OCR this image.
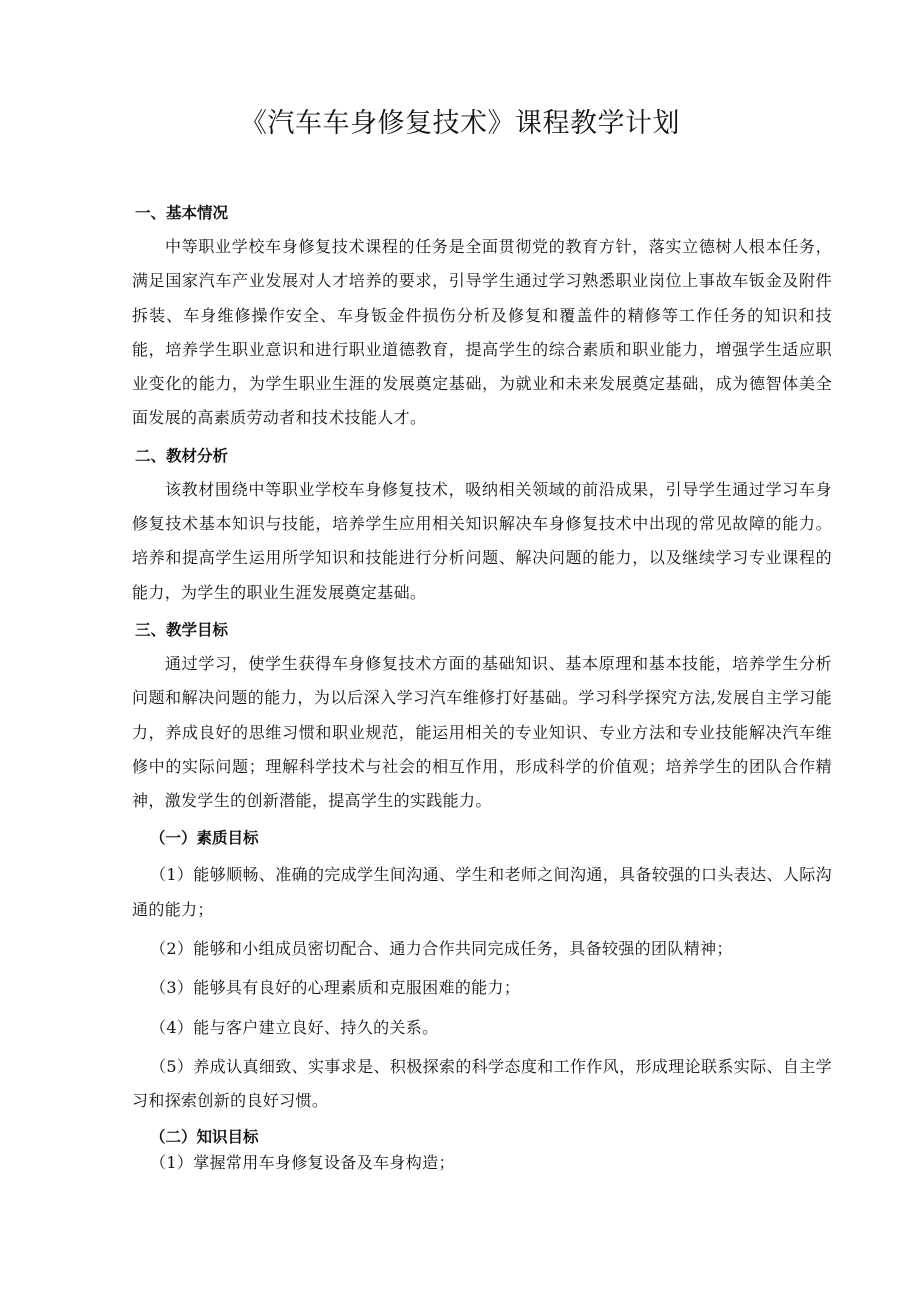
《汽车车身修复技术》课程教学计划

一、基本情况

中等职业学校车身修复技术课程的任务是全面贯彻党的教育方针，落实立德树人根本任务，满足国家汽车产业发展对人才培养的要求，引导学生通过学习熟悉职业岗位上事故车钣金及附件拆装、车身维修操作安全、车身钣金件损伤分析及修复和覆盖件的精修等工作任务的知识和技能，培养学生职业意识和进行职业道德教育，提高学生的综合素质和职业能力，增强学生适应职业变化的能力，为学生职业生涯的发展奠定基础，为就业和未来发展奠定基础，成为德智体美全面发展的高素质劳动者和技术技能人才。

二、教材分析

该教材围绕中等职业学校车身修复技术，吸纳相关领域的前沿成果，引导学生通过学习车身修复技术基本知识与技能，培养学生应用相关知识解决车身修复技术中出现的常见故障的能力。培养和提高学生运用所学知识和技能进行分析问题、解决问题的能力，以及继续学习专业课程的能力，为学生的职业生涯发展奠定基础。

三、教学目标

通过学习，使学生获得车身修复技术方面的基础知识、基本原理和基本技能，培养学生分析问题和解决问题的能力，为以后深入学习汽车维修打好基础。学习科学探究方法,发展自主学习能力，养成良好的思维习惯和职业规范，能运用相关的专业知识、专业方法和专业技能解决汽车维修中的实际问题；理解科学技术与社会的相互作用，形成科学的价值观；培养学生的团队合作精神，激发学生的创新潜能，提高学生的实践能力。

（一）素质目标

（1）能够顺畅、准确的完成学生间沟通、学生和老师之间沟通，具备较强的口头表达、人际沟通的能力；

（2）能够和小组成员密切配合、通力合作共同完成任务，具备较强的团队精神；

（3）能够具有良好的心理素质和克服困难的能力；

（4）能与客户建立良好、持久的关系。

（5）养成认真细致、实事求是、积极探索的科学态度和工作作风，形成理论联系实际、自主学习和探索创新的良好习惯。

（二）知识目标

（1）掌握常用车身修复设备及车身构造；
